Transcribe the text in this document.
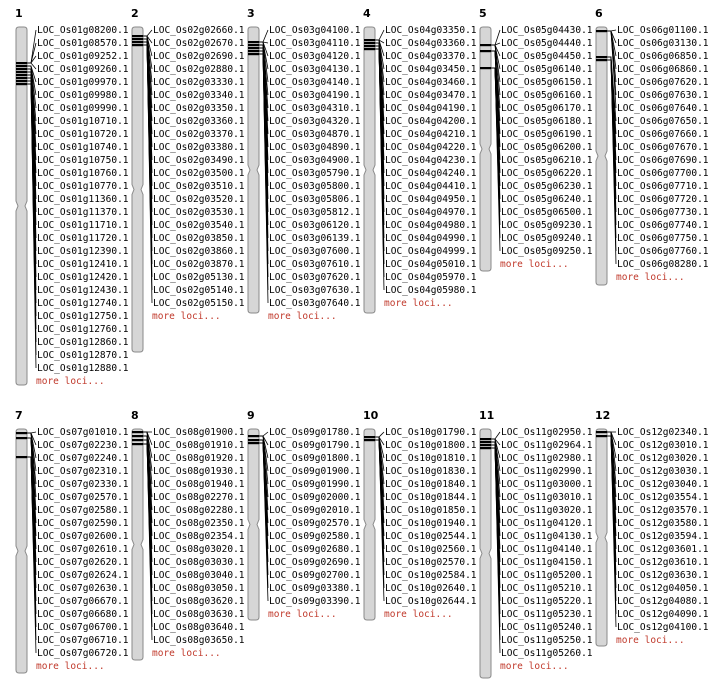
1
LOC_Os01g08200.1
LOC_Os01g08570.1
LOC_Os01g09252.1
LOC_Os01g09260.1
LOC_Os01g09970.1
LOC_Os01g09980.1
LOC_Os01g09990.1
LOC_Os01g10710.1
LOC_Os01g10720.1
LOC_Os01g10740.1
LOC_Os01g10750.1
LOC_Os01g10760.1
LOC_Os01g10770.1
LOC_Os01g11360.1
LOC_Os01g11370.1
LOC_Os01g11710.1
LOC_Os01g11720.1
LOC_Os01g12390.1
LOC_Os01g12410.1
LOC_Os01g12420.1
LOC_Os01g12430.1
LOC_Os01g12740.1
LOC_Os01g12750.1
LOC_Os01g12760.1
LOC_Os01g12860.1
LOC_Os01g12870.1
LOC_Os01g12880.1
more loci...
2
LOC_Os02g02660.1
LOC_Os02g02670.1
LOC_Os02g02690.1
LOC_Os02g02880.1
LOC_Os02g03330.1
LOC_Os02g03340.1
LOC_Os02g03350.1
LOC_Os02g03360.1
LOC_Os02g03370.1
LOC_Os02g03380.1
LOC_Os02g03490.1
LOC_Os02g03500.1
LOC_Os02g03510.1
LOC_Os02g03520.1
LOC_Os02g03530.1
LOC_Os02g03540.1
LOC_Os02g03850.1
LOC_Os02g03860.1
LOC_Os02g03870.1
LOC_Os02g05130.1
LOC_Os02g05140.1
LOC_Os02g05150.1
more loci...
3
LOC_Os03g04100.1
LOC_Os03g04110.1
LOC_Os03g04120.1
LOC_Os03g04130.1
LOC_Os03g04140.1
LOC_Os03g04190.1
LOC_Os03g04310.1
LOC_Os03g04320.1
LOC_Os03g04870.1
LOC_Os03g04890.1
LOC_Os03g04900.1
LOC_Os03g05790.1
LOC_Os03g05800.1
LOC_Os03g05806.1
LOC_Os03g05812.1
LOC_Os03g06120.1
LOC_Os03g06139.1
LOC_Os03g07600.1
LOC_Os03g07610.1
LOC_Os03g07620.1
LOC_Os03g07630.1
LOC_Os03g07640.1
more loci...
4
LOC_Os04g03350.1
LOC_Os04g03360.1
LOC_Os04g03370.1
LOC_Os04g03450.1
LOC_Os04g03460.1
LOC_Os04g03470.1
LOC_Os04g04190.1
LOC_Os04g04200.1
LOC_Os04g04210.1
LOC_Os04g04220.1
LOC_Os04g04230.1
LOC_Os04g04240.1
LOC_Os04g04410.1
LOC_Os04g04950.1
LOC_Os04g04970.1
LOC_Os04g04980.1
LOC_Os04g04990.1
LOC_Os04g04999.1
LOC_Os04g05010.1
LOC_Os04g05970.1
LOC_Os04g05980.1
more loci...
5
LOC_Os05g04430.1
LOC_Os05g04440.1
LOC_Os05g04450.1
LOC_Os05g06140.1
LOC_Os05g06150.1
LOC_Os05g06160.1
LOC_Os05g06170.1
LOC_Os05g06180.1
LOC_Os05g06190.1
LOC_Os05g06200.1
LOC_Os05g06210.1
LOC_Os05g06220.1
LOC_Os05g06230.1
LOC_Os05g06240.1
LOC_Os05g06500.1
LOC_Os05g09230.1
LOC_Os05g09240.1
LOC_Os05g09250.1
more loci...
6
LOC_Os06g01100.1
LOC_Os06g03130.1
LOC_Os06g06850.1
LOC_Os06g06860.1
LOC_Os06g07620.1
LOC_Os06g07630.1
LOC_Os06g07640.1
LOC_Os06g07650.1
LOC_Os06g07660.1
LOC_Os06g07670.1
LOC_Os06g07690.1
LOC_Os06g07700.1
LOC_Os06g07710.1
LOC_Os06g07720.1
LOC_Os06g07730.1
LOC_Os06g07740.1
LOC_Os06g07750.1
LOC_Os06g07760.1
LOC_Os06g08280.1
more loci...
7
LOC_Os07g01010.1
LOC_Os07g02230.1
LOC_Os07g02240.1
LOC_Os07g02310.1
LOC_Os07g02330.1
LOC_Os07g02570.1
LOC_Os07g02580.1
LOC_Os07g02590.1
LOC_Os07g02600.1
LOC_Os07g02610.1
LOC_Os07g02620.1
LOC_Os07g02624.1
LOC_Os07g02630.1
LOC_Os07g06670.1
LOC_Os07g06680.1
LOC_Os07g06700.1
LOC_Os07g06710.1
LOC_Os07g06720.1
more loci...
8
LOC_Os08g01900.1
LOC_Os08g01910.1
LOC_Os08g01920.1
LOC_Os08g01930.1
LOC_Os08g01940.1
LOC_Os08g02270.1
LOC_Os08g02280.1
LOC_Os08g02350.1
LOC_Os08g02354.1
LOC_Os08g03020.1
LOC_Os08g03030.1
LOC_Os08g03040.1
LOC_Os08g03050.1
LOC_Os08g03620.1
LOC_Os08g03630.1
LOC_Os08g03640.1
LOC_Os08g03650.1
more loci...
9
LOC_Os09g01780.1
LOC_Os09g01790.1
LOC_Os09g01800.1
LOC_Os09g01900.1
LOC_Os09g01990.1
LOC_Os09g02000.1
LOC_Os09g02010.1
LOC_Os09g02570.1
LOC_Os09g02580.1
LOC_Os09g02680.1
LOC_Os09g02690.1
LOC_Os09g02700.1
LOC_Os09g03380.1
LOC_Os09g03390.1
more loci...
10
LOC_Os10g01790.1
LOC_Os10g01800.1
LOC_Os10g01810.1
LOC_Os10g01830.1
LOC_Os10g01840.1
LOC_Os10g01844.1
LOC_Os10g01850.1
LOC_Os10g01940.1
LOC_Os10g02544.1
LOC_Os10g02560.1
LOC_Os10g02570.1
LOC_Os10g02584.1
LOC_Os10g02640.1
LOC_Os10g02644.1
more loci...
11
LOC_Os11g02950.1
LOC_Os11g02964.1
LOC_Os11g02980.1
LOC_Os11g02990.1
LOC_Os11g03000.1
LOC_Os11g03010.1
LOC_Os11g03020.1
LOC_Os11g04120.1
LOC_Os11g04130.1
LOC_Os11g04140.1
LOC_Os11g04150.1
LOC_Os11g05200.1
LOC_Os11g05210.1
LOC_Os11g05220.1
LOC_Os11g05230.1
LOC_Os11g05240.1
LOC_Os11g05250.1
LOC_Os11g05260.1
more loci...
12
LOC_Os12g02340.1
LOC_Os12g03010.1
LOC_Os12g03020.1
LOC_Os12g03030.1
LOC_Os12g03040.1
LOC_Os12g03554.1
LOC_Os12g03570.1
LOC_Os12g03580.1
LOC_Os12g03594.1
LOC_Os12g03601.1
LOC_Os12g03610.1
LOC_Os12g03630.1
LOC_Os12g04050.1
LOC_Os12g04080.1
LOC_Os12g04090.1
LOC_Os12g04100.1
more loci...
